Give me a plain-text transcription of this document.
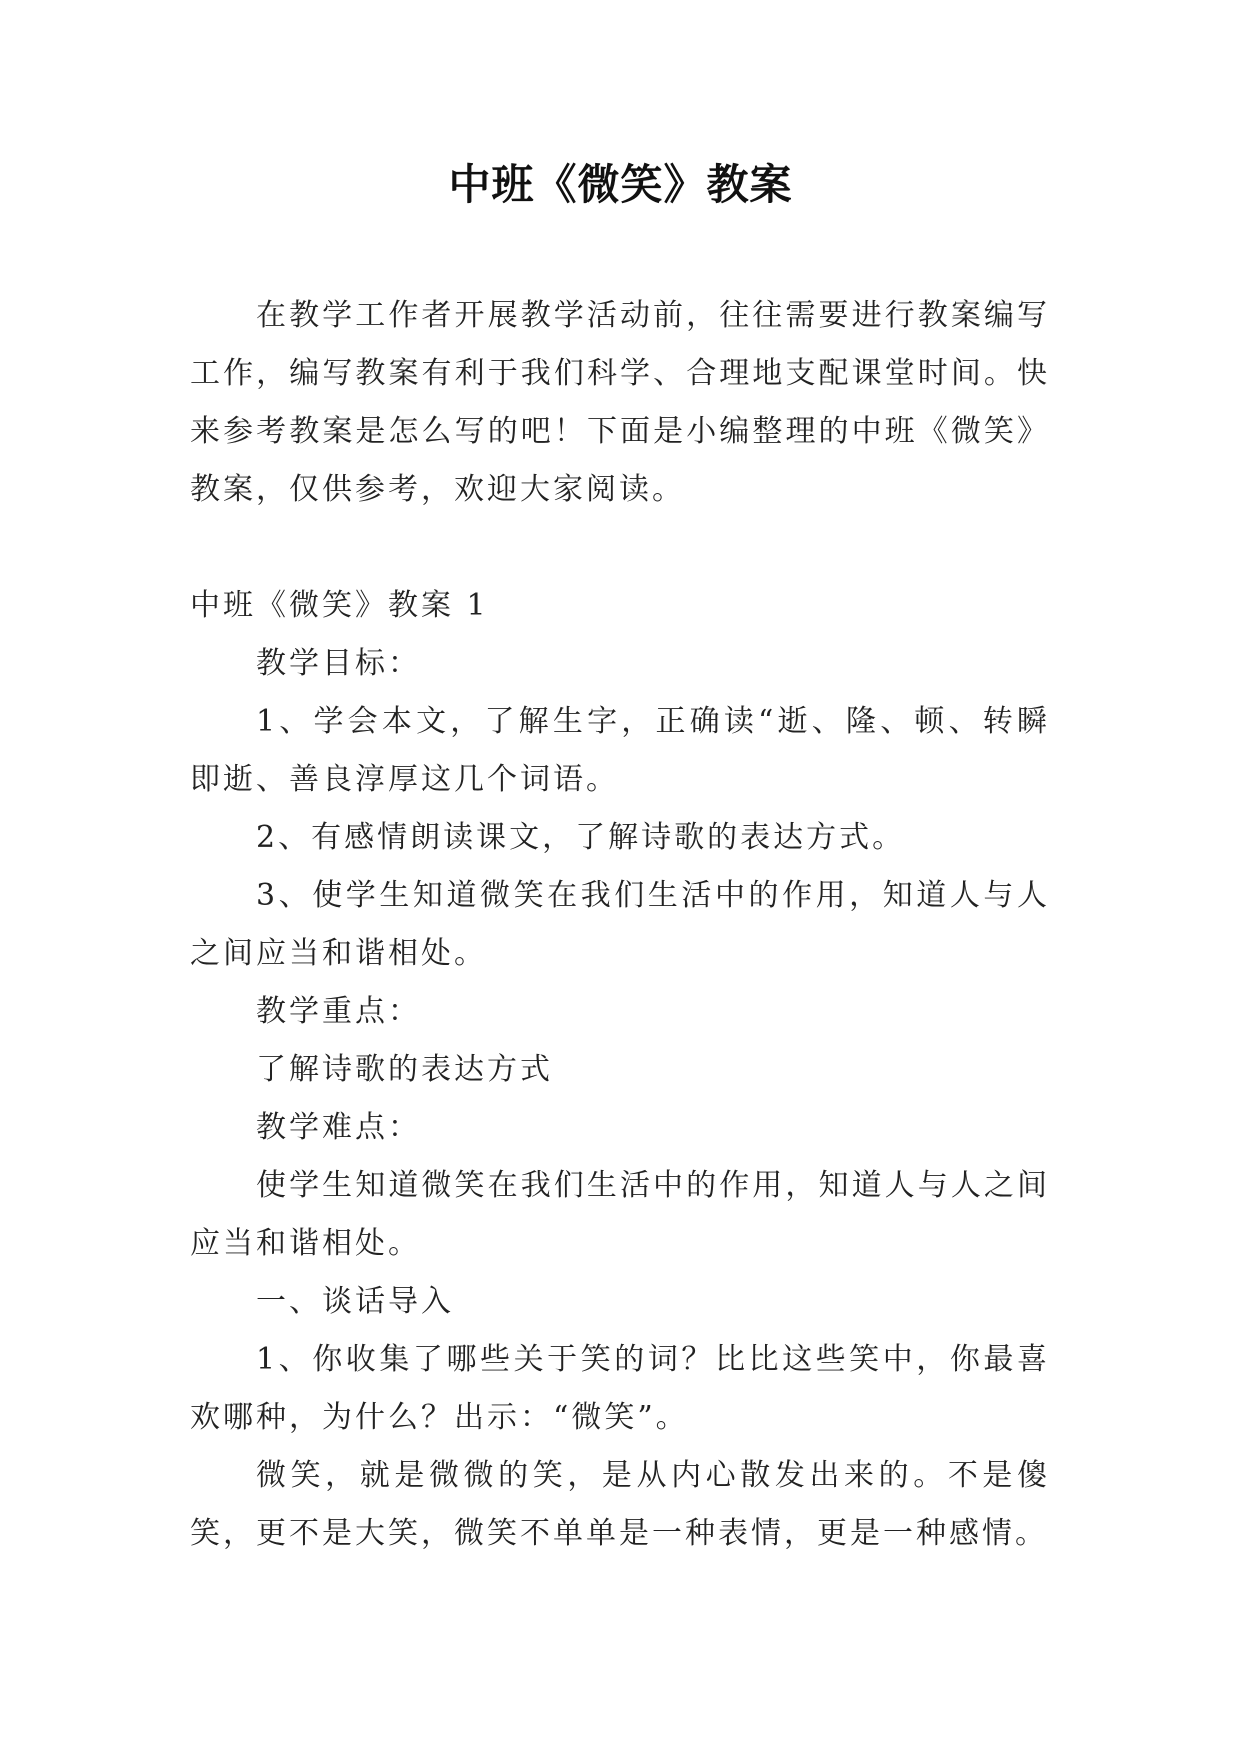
中班《微笑》教案

在教学工作者开展教学活动前，往往需要进行教案编写工作，编写教案有利于我们科学、合理地支配课堂时间。快来参考教案是怎么写的吧！下面是小编整理的中班《微笑》教案，仅供参考，欢迎大家阅读。

中班《微笑》教案 1

教学目标：

1、学会本文，了解生字，正确读“逝、隆、顿、转瞬即逝、善良淳厚这几个词语。

2、有感情朗读课文，了解诗歌的表达方式。

3、使学生知道微笑在我们生活中的作用，知道人与人之间应当和谐相处。

教学重点：

了解诗歌的表达方式

教学难点：

使学生知道微笑在我们生活中的作用，知道人与人之间应当和谐相处。

一、谈话导入

1、你收集了哪些关于笑的词？比比这些笑中，你最喜欢哪种，为什么？出示：“微笑”。

微笑，就是微微的笑，是从内心散发出来的。不是傻笑，更不是大笑，微笑不单单是一种表情，更是一种感情。
